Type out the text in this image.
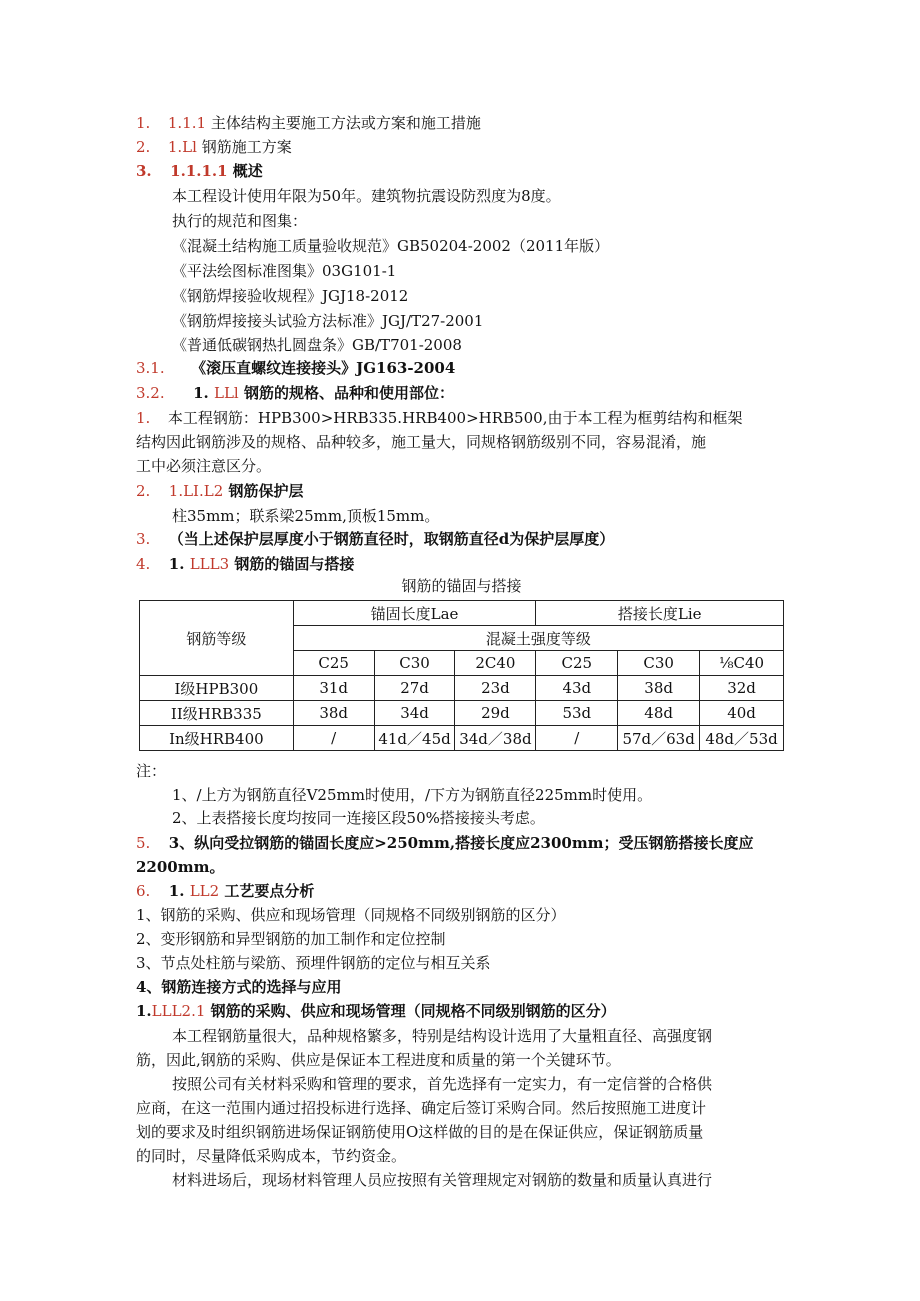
1. 1.1.1 主体结构主要施工方法或方案和施工措施
2. 1.Ll 钢筋施工方案
3. 1.1.1.1 概述
本工程设计使用年限为50年。建筑物抗震设防烈度为8度。
执行的规范和图集：
《混凝土结构施工质量验收规范》GB50204-2002（2011年版）
《平法绘图标准图集》03G101-1
《钢筋焊接验收规程》JGJ18-2012
《钢筋焊接接头试验方法标准》JGJ/T27-2001
《普通低碳钢热扎圆盘条》GB/T701-2008
3.1. 《滚压直螺纹连接接头》JG163-2004
3.2. 1. LLl 钢筋的规格、品种和使用部位：
1. 本工程钢筋：HPB300>HRB335.HRB400>HRB500,由于本工程为框剪结构和框架
结构因此钢筋涉及的规格、品种较多，施工量大，同规格钢筋级别不同，容易混淆，施
工中必须注意区分。
2. 1.LI.L2 钢筋保护层
柱35mm；联系梁25mm,顶板15mm。
3. （当上述保护层厚度小于钢筋直径时，取钢筋直径d为保护层厚度）
4. 1. LLL3 钢筋的锚固与搭接
钢筋的锚固与搭接
钢筋等级	锚固长度Lae			搭接长度Lie		
	混凝土强度等级					
	C25	C30	2C40	C25	C30	⅛C40
Ⅰ级HPB300	31d	27d	23d	43d	38d	32d
II级HRB335	38d	34d	29d	53d	48d	40d
In级HRB400	/	41d／45d	34d／38d	/	57d／63d	48d／53d
注：
1、/上方为钢筋直径V25mm时使用，/下方为钢筋直径225mm时使用。
2、上表搭接长度均按同一连接区段50%搭接接头考虑。
5. 3、纵向受拉钢筋的锚固长度应>250mm,搭接长度应2300mm；受压钢筋搭接长度应
2200mm。
6. 1. LL2 工艺要点分析
1、钢筋的采购、供应和现场管理（同规格不同级别钢筋的区分）
2、变形钢筋和异型钢筋的加工制作和定位控制
3、节点处柱筋与梁筋、预埋件钢筋的定位与相互关系
4、钢筋连接方式的选择与应用
1.LLL2.1 钢筋的采购、供应和现场管理（同规格不同级别钢筋的区分）
本工程钢筋量很大，品种规格繁多，特别是结构设计选用了大量粗直径、高强度钢
筋，因此,钢筋的采购、供应是保证本工程进度和质量的第一个关键环节。
按照公司有关材料采购和管理的要求，首先选择有一定实力，有一定信誉的合格供
应商，在这一范围内通过招投标进行选择、确定后签订采购合同。然后按照施工进度计
划的要求及时组织钢筋进场保证钢筋使用O这样做的目的是在保证供应，保证钢筋质量
的同时，尽量降低采购成本，节约资金。
材料进场后，现场材料管理人员应按照有关管理规定对钢筋的数量和质量认真进行
